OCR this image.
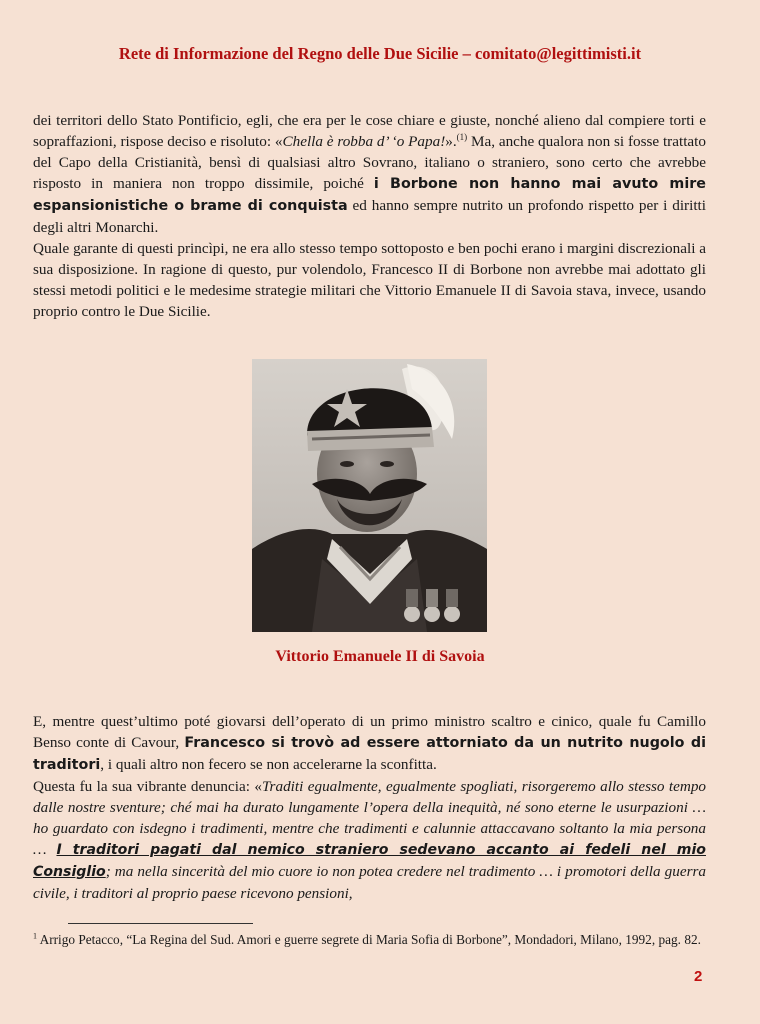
Rete di Informazione del Regno delle Due Sicilie – comitato@legittimisti.it

dei territori dello Stato Pontificio, egli, che era per le cose chiare e giuste, nonché alieno dal compiere torti e sopraffazioni, rispose deciso e risoluto: «Chella è robba d’ ‘o Papa!».$^{(1)}$ Ma, anche qualora non si fosse trattato del Capo della Cristianità, bensì di qualsiasi altro Sovrano, italiano o straniero, sono certo che avrebbe risposto in maniera non troppo dissimile, poiché i Borbone non hanno mai avuto mire espansionistiche o brame di conquista ed hanno sempre nutrito un profondo rispetto per i diritti degli altri Monarchi.

Quale garante di questi princìpi, ne era allo stesso tempo sottoposto e ben pochi erano i margini discrezionali a sua disposizione. In ragione di questo, pur volendolo, Francesco II di Borbone non avrebbe mai adottato gli stessi metodi politici e le medesime strategie militari che Vittorio Emanuele II di Savoia stava, invece, usando proprio contro le Due Sicilie.

Vittorio Emanuele II di Savoia

E, mentre quest’ultimo poté giovarsi dell’operato di un primo ministro scaltro e cinico, quale fu Camillo Benso conte di Cavour, Francesco si trovò ad essere attorniato da un nutrito nugolo di traditori, i quali altro non fecero se non accelerarne la sconfitta.

Questa fu la sua vibrante denuncia: «Traditi egualmente, egualmente spogliati, risorgeremo allo stesso tempo dalle nostre sventure; ché mai ha durato lungamente l’opera della inequità, né sono eterne le usurpazioni … ho guardato con isdegno i tradimenti, mentre che tradimenti e calunnie attaccavano soltanto la mia persona … I traditori pagati dal nemico straniero sedevano accanto ai fedeli nel mio Consiglio; ma nella sincerità del mio cuore io non potea credere nel tradimento … i promotori della guerra civile, i traditori al proprio paese ricevono pensioni,

$^1$ Arrigo Petacco, “La Regina del Sud. Amori e guerre segrete di Maria Sofia di Borbone”, Mondadori, Milano, 1992, pag. 82.
2
